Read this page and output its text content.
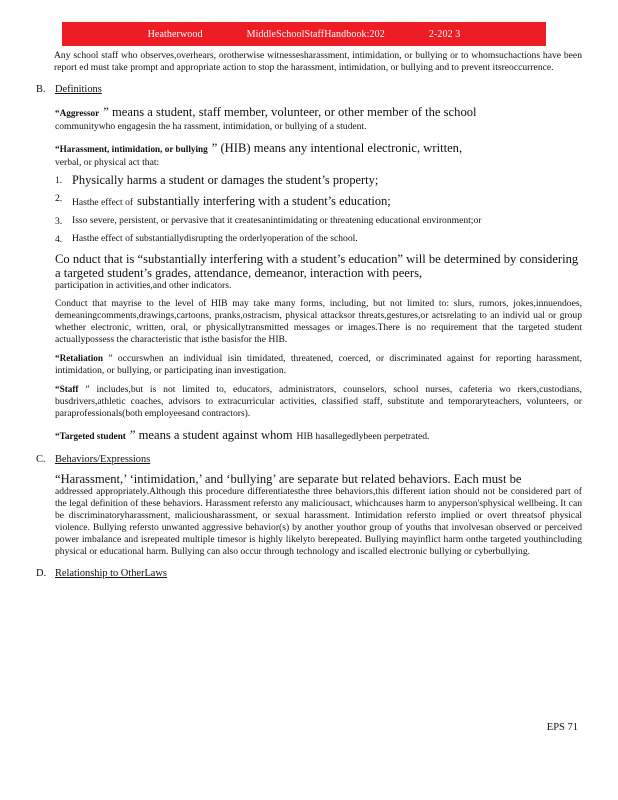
Heatherwood	MiddleSchoolStaffHandbook:202	2-202 3

Any school staff who observes,overhears, orotherwise witnessesharassment, intimidation, or bullying or to whomsuchactions have been report ed must take prompt and appropriate action to stop the harassment, intimidation, or bullying and to prevent itsreoccurrence.

B. Definitions
“Aggressor ” means a student, staff member, volunteer, or other member of the school

communitywho engagesin the ha rassment, intimidation, or bullying of a student.

“Harassment, intimidation, or bullying ” (HIB) means any intentional electronic, written,

verbal, or physical act that:

1. Physically harms a student or damages the student’s property;
2.	Hasthe effect of substantially interfering with a student’s education;
3.	Isso severe, persistent, or pervasive that it createsanintimidating or threatening educational environment;or
4.	Hasthe effect of substantiallydisrupting the orderlyoperation of the school.

Co nduct that is “substantially interfering with a student’s education” will be determined by considering a targeted student’s grades, attendance, demeanor, interaction with peers,

participation in activities,and other indicators.

Conduct that mayrise to the level of HIB may take many forms, including, but not limited to: slurs, rumors, jokes,innuendoes, demeaningcomments,drawings,cartoons, pranks,ostracism, physical attacksor threats,gestures,or actsrelating to an individ ual or group whether electronic, written, oral, or physicallytransmitted messages or images.There is no requirement that the targeted student actuallypossess the characteristic that isthe basisfor the HIB.

“Retaliation ” occurswhen an individual isin timidated, threatened, coerced, or discriminated against for reporting harassment, intimidation, or bullying, or participating inan investigation.

“Staff ” includes,but is not limited to, educators, administrators, counselors, school nurses, cafeteria wo rkers,custodians, busdrivers,athletic coaches, advisors to extracurricular activities, classified staff, substitute and temporaryteachers, volunteers, or paraprofessionals(both employeesand contractors).

“Targeted student ” means a student against whom HIB hasallegedlybeen perpetrated.
C. Behaviors/Expressions

“Harassment,’ ‘intimidation,’ and ‘bullying’ are separate but related behaviors. Each must be

addressed appropriately.Although this procedure differentiatesthe three behaviors,this different iation should not be considered part of the legal definition of these behaviors. Harassment refersto any maliciousact, whichcauses harm to anyperson'sphysical wellbeing. It can be discriminatoryharassment, maliciousharassment, or sexual harassment. Intimidation refersto implied or overt threatsof physical violence. Bullying refersto unwanted aggressive behavior(s) by another youthor group of youths that involvesan observed or perceived power imbalance and isrepeated multiple timesor is highly likelyto berepeated. Bullying mayinflict harm onthe targeted youthincluding physical or educational harm. Bullying can also occur through technology and iscalled electronic bullying or cyberbullying.

D. Relationship to OtherLaws
EPS 71
